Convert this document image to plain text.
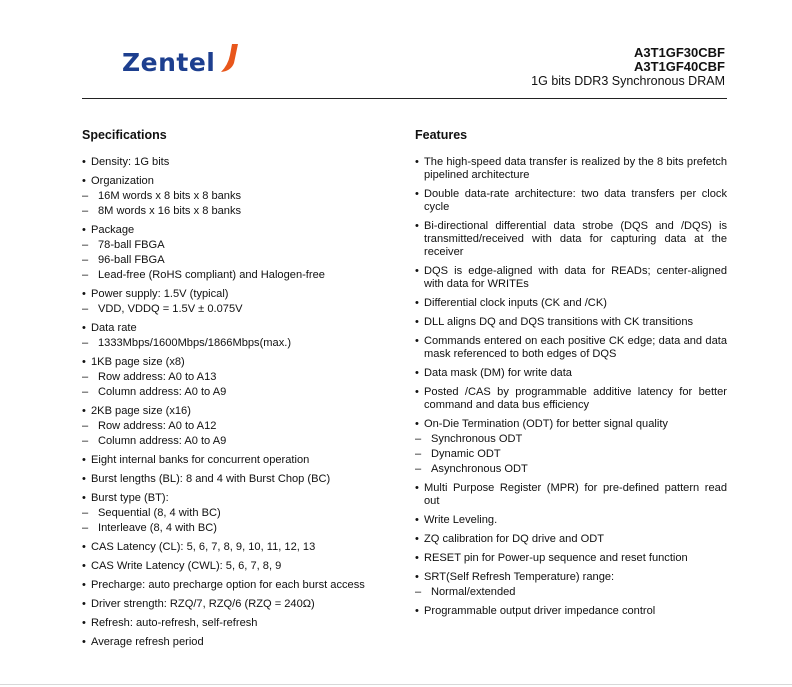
Zentel	A3T1GF30CBF
A3T1GF40CBF
1G bits DDR3 Synchronous DRAM
Specifications
• Density: 1G bits
• Organization
– 16M words x 8 bits x 8 banks
– 8M words x 16 bits x 8 banks
• Package
– 78-ball FBGA
– 96-ball FBGA
– Lead-free (RoHS compliant) and Halogen-free
• Power supply: 1.5V (typical)
– VDD, VDDQ = 1.5V ± 0.075V
• Data rate
– 1333Mbps/1600Mbps/1866Mbps(max.)
• 1KB page size (x8)
– Row address: A0 to A13
– Column address: A0 to A9
• 2KB page size (x16)
– Row address: A0 to A12
– Column address: A0 to A9
• Eight internal banks for concurrent operation
• Burst lengths (BL): 8 and 4 with Burst Chop (BC)
• Burst type (BT):
– Sequential (8, 4 with BC)
– Interleave (8, 4 with BC)
• CAS Latency (CL): 5, 6, 7, 8, 9, 10, 11, 12, 13
• CAS Write Latency (CWL): 5, 6, 7, 8, 9
• Precharge: auto precharge option for each burst access
• Driver strength: RZQ/7, RZQ/6 (RZQ = 240Ω)
• Refresh: auto-refresh, self-refresh
• Average refresh period
Features
• The high-speed data transfer is realized by the 8 bits prefetch pipelined architecture
• Double data-rate architecture: two data transfers per clock cycle
• Bi-directional differential data strobe (DQS and /DQS) is transmitted/received with data for capturing data at the receiver
• DQS is edge-aligned with data for READs; center-aligned with data for WRITEs
• Differential clock inputs (CK and /CK)
• DLL aligns DQ and DQS transitions with CK transitions
• Commands entered on each positive CK edge; data and data mask referenced to both edges of DQS
• Data mask (DM) for write data
• Posted /CAS by programmable additive latency for better command and data bus efficiency
• On-Die Termination (ODT) for better signal quality
– Synchronous ODT
– Dynamic ODT
– Asynchronous ODT
• Multi Purpose Register (MPR) for pre-defined pattern read out
• Write Leveling.
• ZQ calibration for DQ drive and ODT
• RESET pin for Power-up sequence and reset function
• SRT(Self Refresh Temperature) range:
– Normal/extended
• Programmable output driver impedance control
